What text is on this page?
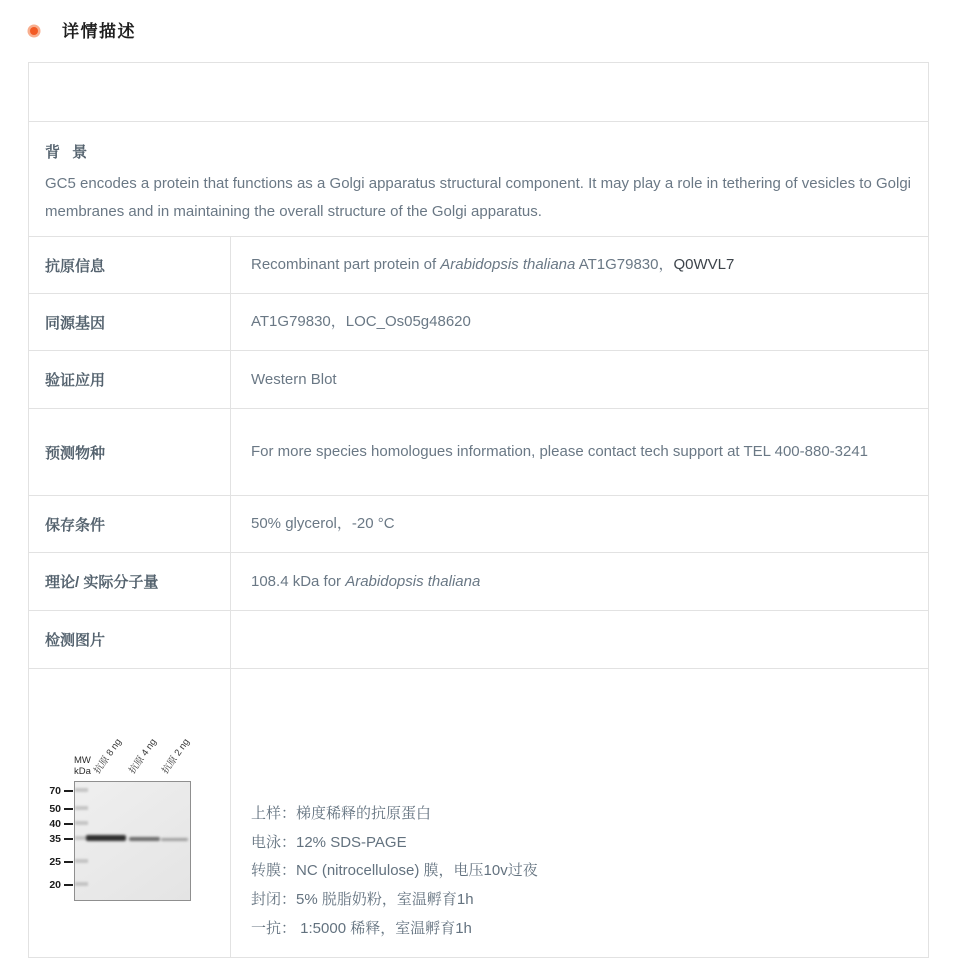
详情描述
背 景
GC5 encodes a protein that functions as a Golgi apparatus structural component. It may play a role in tethering of vesicles to Golgi membranes and in maintaining the overall structure of the Golgi apparatus.
抗原信息	Recombinant part protein of Arabidopsis thaliana AT1G79830，Q0WVL7
同源基因	AT1G79830，LOC_Os05g48620
验证应用	Western Blot
预测物种	For more species homologues information, please contact tech support at TEL 400-880-3241

保存条件	50% glycerol，-20 °C
理论/ 实际分子量	108.4 kDa for Arabidopsis thaliana
检测图片
MW
kDa
70
50
40
35
25
20
抗原 8 ng 抗原 4 ng 抗原 2 ng
上样：梯度稀释的抗原蛋白
电泳：12% SDS-PAGE
转膜：NC (nitrocellulose) 膜，电压10v过夜
封闭：5% 脱脂奶粉，室温孵育1h
一抗： 1:5000 稀释，室温孵育1h
